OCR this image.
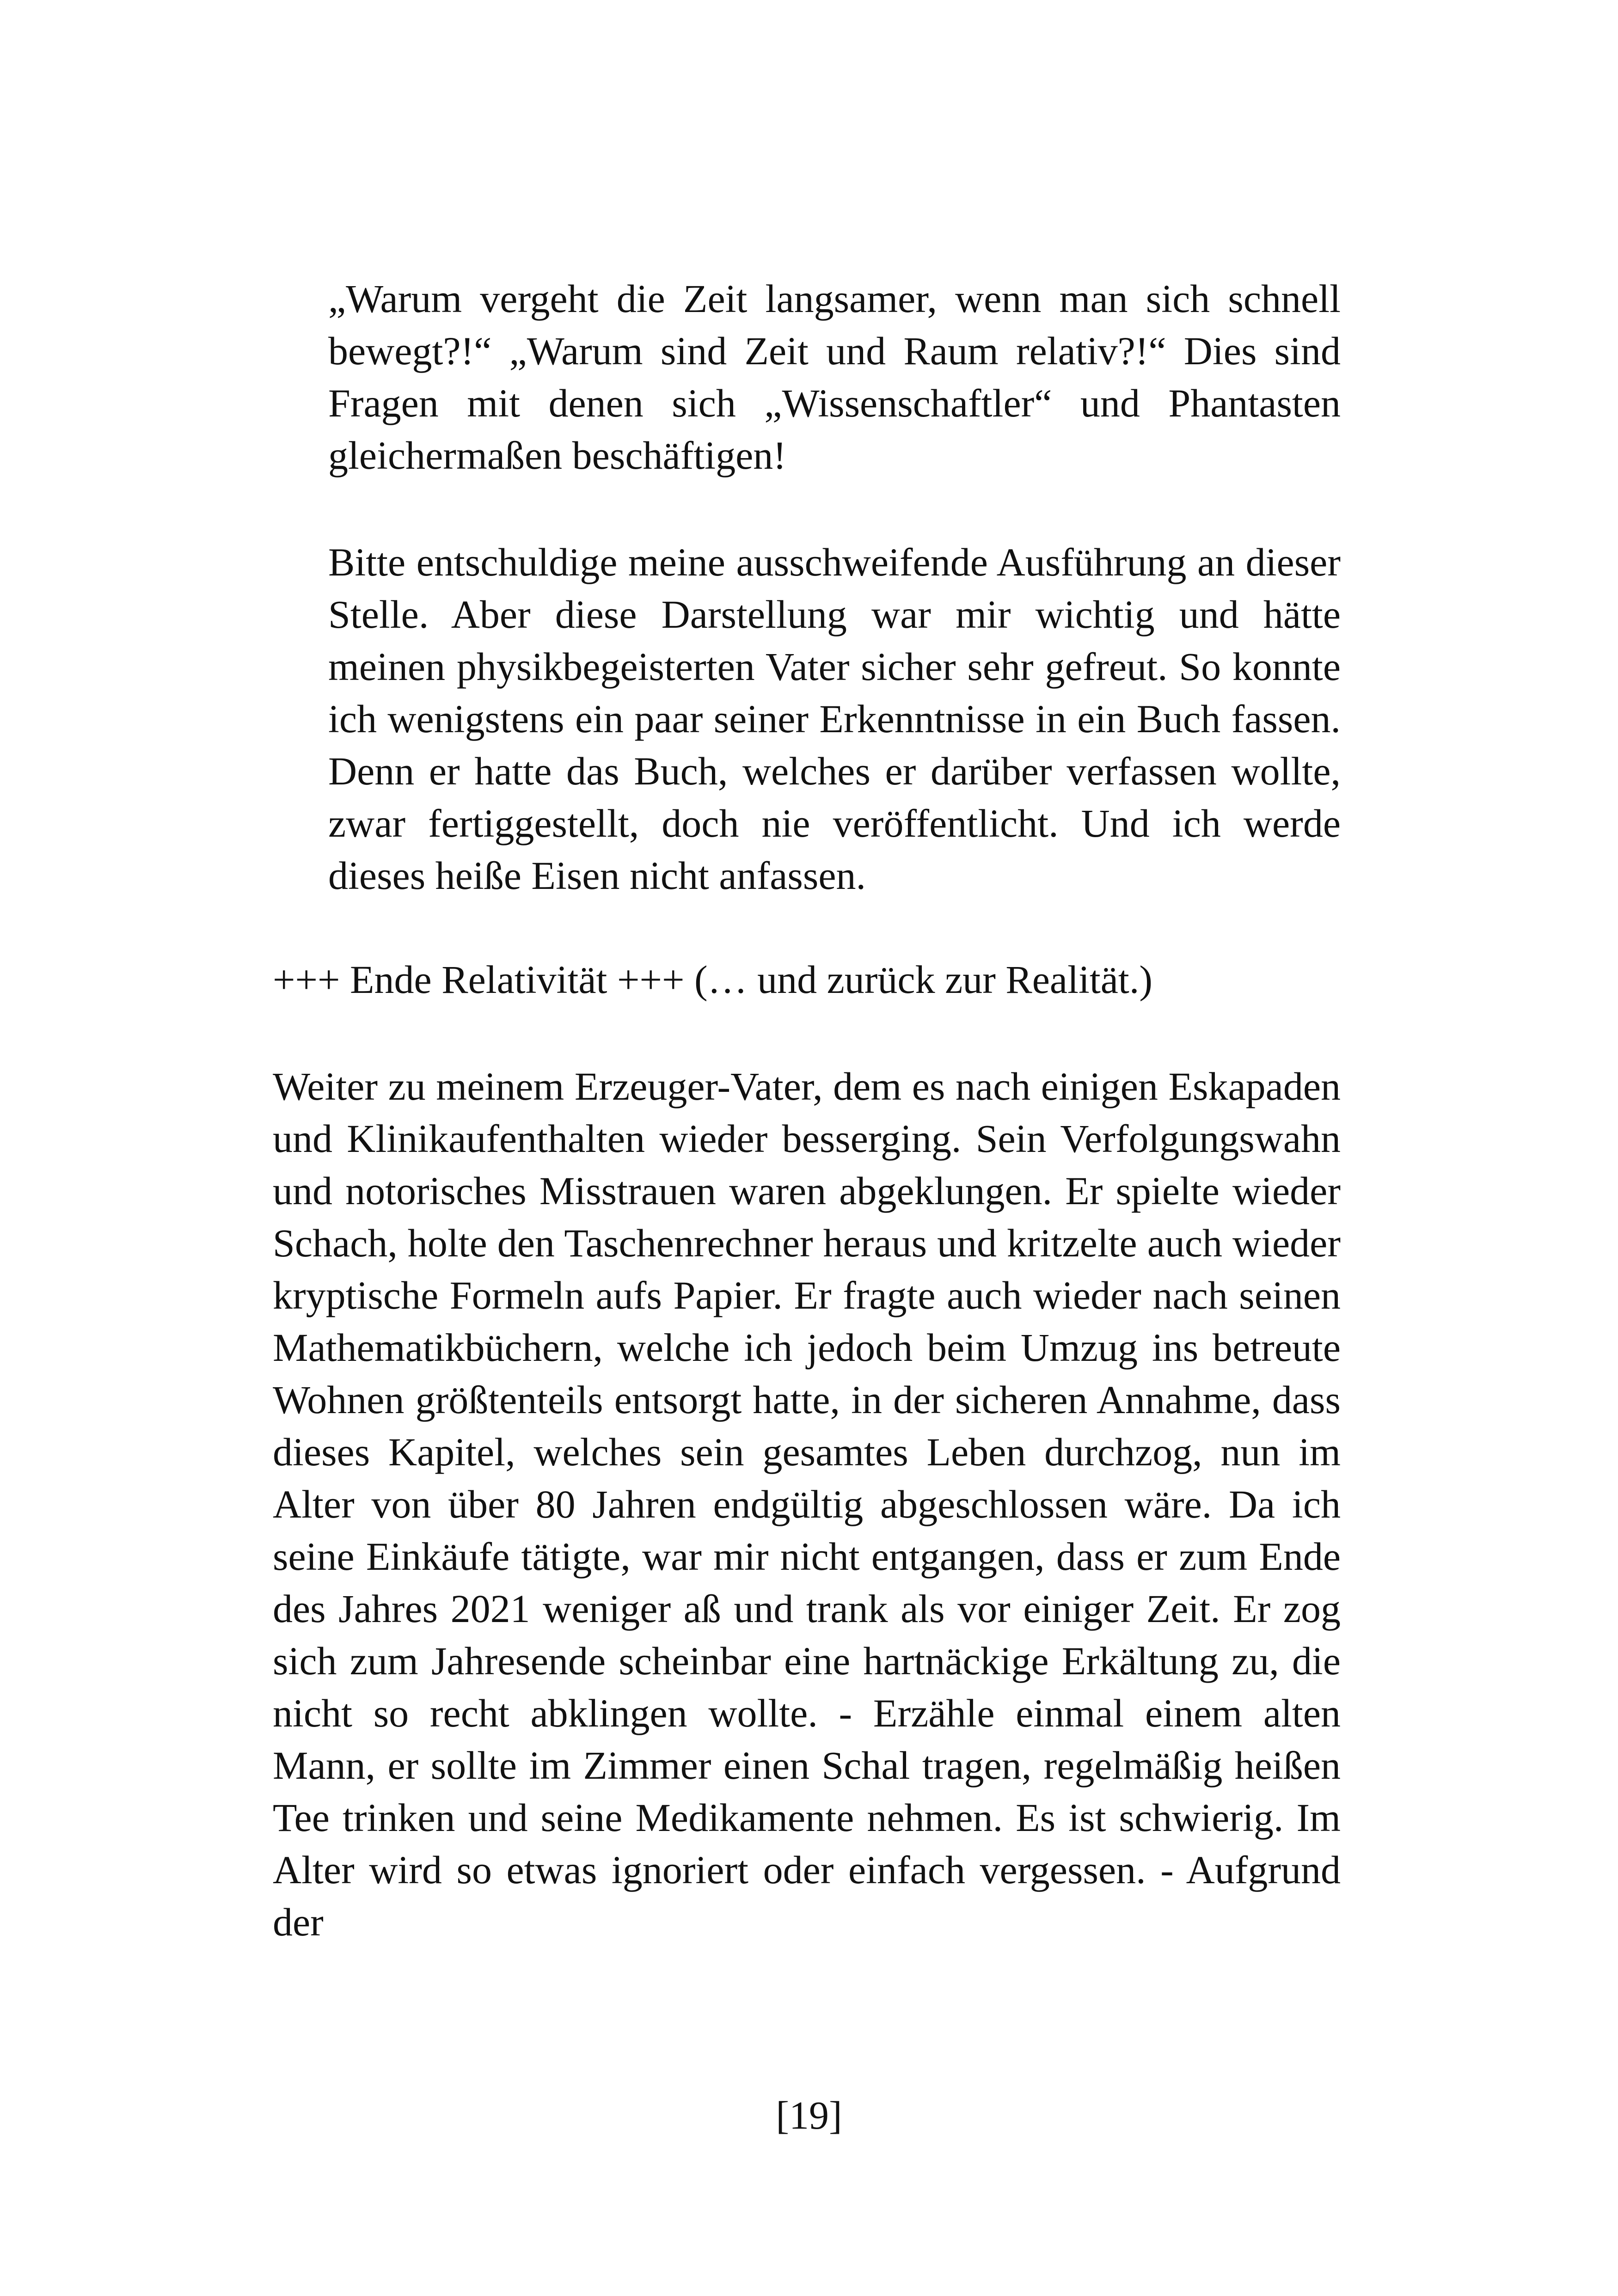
„Warum vergeht die Zeit langsamer, wenn man sich schnell bewegt?!“ „Warum sind Zeit und Raum relativ?!“ Dies sind Fragen mit denen sich „Wissenschaftler“ und Phantasten gleichermaßen beschäftigen!

Bitte entschuldige meine ausschweifende Ausführung an dieser Stelle. Aber diese Darstellung war mir wichtig und hätte meinen physikbegeisterten Vater sicher sehr gefreut. So konnte ich wenigstens ein paar seiner Erkenntnisse in ein Buch fassen. Denn er hatte das Buch, welches er darüber verfassen wollte, zwar fertiggestellt, doch nie veröffentlicht. Und ich werde dieses heiße Eisen nicht anfassen.

+++ Ende Relativität +++ (… und zurück zur Realität.)

Weiter zu meinem Erzeuger-Vater, dem es nach einigen Eskapaden und Klinikaufenthalten wieder besserging. Sein Verfolgungswahn und notorisches Misstrauen waren abgeklungen. Er spielte wieder Schach, holte den Taschenrechner heraus und kritzelte auch wieder kryptische Formeln aufs Papier. Er fragte auch wieder nach seinen Mathematikbüchern, welche ich jedoch beim Umzug ins betreute Wohnen größtenteils entsorgt hatte, in der sicheren Annahme, dass dieses Kapitel, welches sein gesamtes Leben durchzog, nun im Alter von über 80 Jahren endgültig abgeschlossen wäre. Da ich seine Einkäufe tätigte, war mir nicht entgangen, dass er zum Ende des Jahres 2021 weniger aß und trank als vor einiger Zeit. Er zog sich zum Jahresende scheinbar eine hartnäckige Erkältung zu, die nicht so recht abklingen wollte. - Erzähle einmal einem alten Mann, er sollte im Zimmer einen Schal tragen, regelmäßig heißen Tee trinken und seine Medikamente nehmen. Es ist schwierig. Im Alter wird so etwas ignoriert oder einfach vergessen. - Aufgrund der

[19]
